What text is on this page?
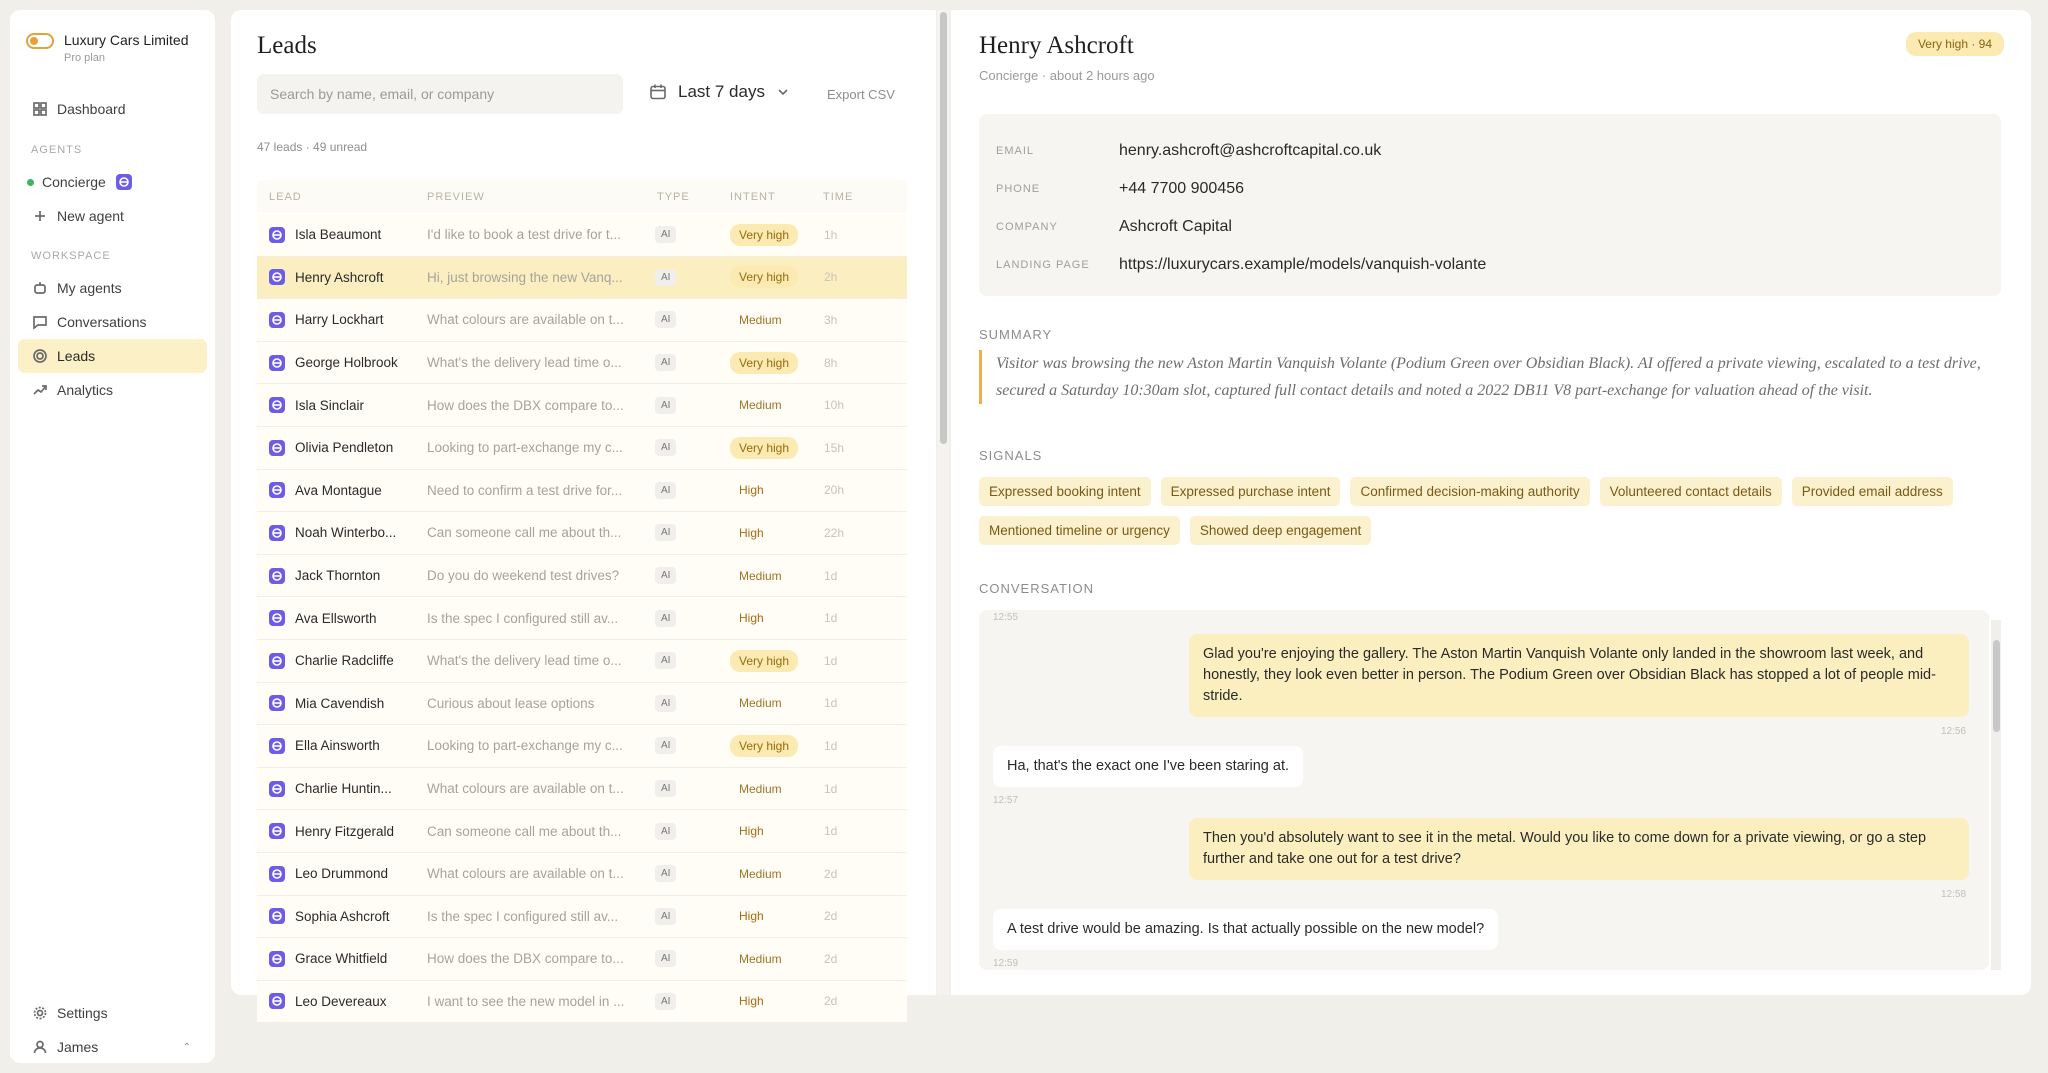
Luxury Cars Limited
Pro plan
Dashboard
AGENTS
Concierge
New agent
WORKSPACE
My agents
Conversations
Leads
Analytics
Settings
James	⌃
Leads
Search by name, email, or company
Last 7 days	Export CSV
47 leads · 49 unread
LEAD	PREVIEW	TYPE	INTENT	TIME
Isla Beaumont	I'd like to book a test drive for t...	AI	Very high	1h
Henry Ashcroft	Hi, just browsing the new Vanq...	AI	Very high	2h
Harry Lockhart	What colours are available on t...	AI	Medium	3h
George Holbrook	What's the delivery lead time o...	AI	Very high	8h
Isla Sinclair	How does the DBX compare to...	AI	Medium	10h
Olivia Pendleton	Looking to part-exchange my c...	AI	Very high	15h
Ava Montague	Need to confirm a test drive for...	AI	High	20h
Noah Winterbo...	Can someone call me about th...	AI	High	22h
Jack Thornton	Do you do weekend test drives?	AI	Medium	1d
Ava Ellsworth	Is the spec I configured still av...	AI	High	1d
Charlie Radcliffe	What's the delivery lead time o...	AI	Very high	1d
Mia Cavendish	Curious about lease options	AI	Medium	1d
Ella Ainsworth	Looking to part-exchange my c...	AI	Very high	1d
Charlie Huntin...	What colours are available on t...	AI	Medium	1d
Henry Fitzgerald	Can someone call me about th...	AI	High	1d
Leo Drummond	What colours are available on t...	AI	Medium	2d
Sophia Ashcroft	Is the spec I configured still av...	AI	High	2d
Grace Whitfield	How does the DBX compare to...	AI	Medium	2d
Leo Devereaux	I want to see the new model in ...	AI	High	2d
Henry Ashcroft
Concierge · about 2 hours ago
Very high · 94
EMAIL	henry.ashcroft@ashcroftcapital.co.uk
PHONE	+44 7700 900456
COMPANY	Ashcroft Capital
LANDING PAGE	https://luxurycars.example/models/vanquish-volante
SUMMARY
Visitor was browsing the new Aston Martin Vanquish Volante (Podium Green over Obsidian Black). AI offered a private viewing, escalated to a test drive, secured a Saturday 10:30am slot, captured full contact details and noted a 2022 DB11 V8 part-exchange for valuation ahead of the visit.
SIGNALS
Expressed booking intent	Expressed purchase intent	Confirmed decision-making authority	Volunteered contact details	Provided email address
Mentioned timeline or urgency	Showed deep engagement
CONVERSATION
12:55
Glad you're enjoying the gallery. The Aston Martin Vanquish Volante only landed in the showroom last week, and honestly, they look even better in person. The Podium Green over Obsidian Black has stopped a lot of people mid-stride.
12:56
Ha, that's the exact one I've been staring at.
12:57
Then you'd absolutely want to see it in the metal. Would you like to come down for a private viewing, or go a step further and take one out for a test drive?
12:58
A test drive would be amazing. Is that actually possible on the new model?
12:59
